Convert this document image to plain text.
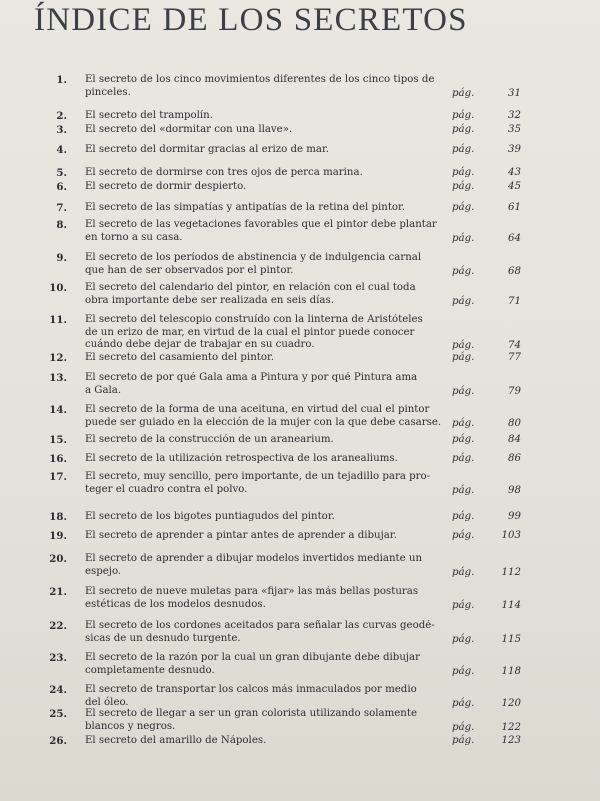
ÍNDICE DE LOS SECRETOS
1. El secreto de los cinco movimientos diferentes de los cinco tipos de
pinceles.	pág.	31
2. El secreto del trampolín.	pág.	32
3. El secreto del «dormitar con una llave».	pág.	35
4. El secreto del dormitar gracias al erizo de mar.	pág.	39
5. El secreto de dormirse con tres ojos de perca marina.	pág.	43
6. El secreto de dormir despierto.	pág.	45
7. El secreto de las simpatías y antipatías de la retina del pintor.	pág.	61
8. El secreto de las vegetaciones favorables que el pintor debe plantar
en torno a su casa.	pág.	64
9. El secreto de los períodos de abstinencia y de indulgencia carnal
que han de ser observados por el pintor.	pág.	68
10. El secreto del calendario del pintor, en relación con el cual toda
obra importante debe ser realizada en seis días.	pág.	71
11. El secreto del telescopio construído con la linterna de Aristóteles
de un erizo de mar, en virtud de la cual el pintor puede conocer
cuándo debe dejar de trabajar en su cuadro.	pág.	74
12. El secreto del casamiento del pintor.	pág.	77
13. El secreto de por qué Gala ama a Pintura y por qué Pintura ama
a Gala.	pág.	79
14. El secreto de la forma de una aceituna, en virtud del cual el pintor
puede ser guiado en la elección de la mujer con la que debe casarse.	pág.	80
15. El secreto de la construcción de un aranearium.	pág.	84
16. El secreto de la utilización retrospectiva de los aranealiums.	pág.	86
17. El secreto, muy sencillo, pero importante, de un tejadillo para pro-
teger el cuadro contra el polvo.	pág.	98
18. El secreto de los bigotes puntiagudos del pintor.	pág.	99
19. El secreto de aprender a pintar antes de aprender a dibujar.	pág.	103
20. El secreto de aprender a dibujar modelos invertidos mediante un
espejo.	pág.	112
21. El secreto de nueve muletas para «fijar» las más bellas posturas
estéticas de los modelos desnudos.	pág.	114
22. El secreto de los cordones aceitados para señalar las curvas geodé-
sicas de un desnudo turgente.	pág.	115
23. El secreto de la razón por la cual un gran dibujante debe dibujar
completamente desnudo.	pág.	118
24. El secreto de transportar los calcos más inmaculados por medio
del óleo.	pág.	120
25. El secreto de llegar a ser un gran colorista utilizando solamente
blancos y negros.	pág.	122
26. El secreto del amarillo de Nápoles.	pág.	123
